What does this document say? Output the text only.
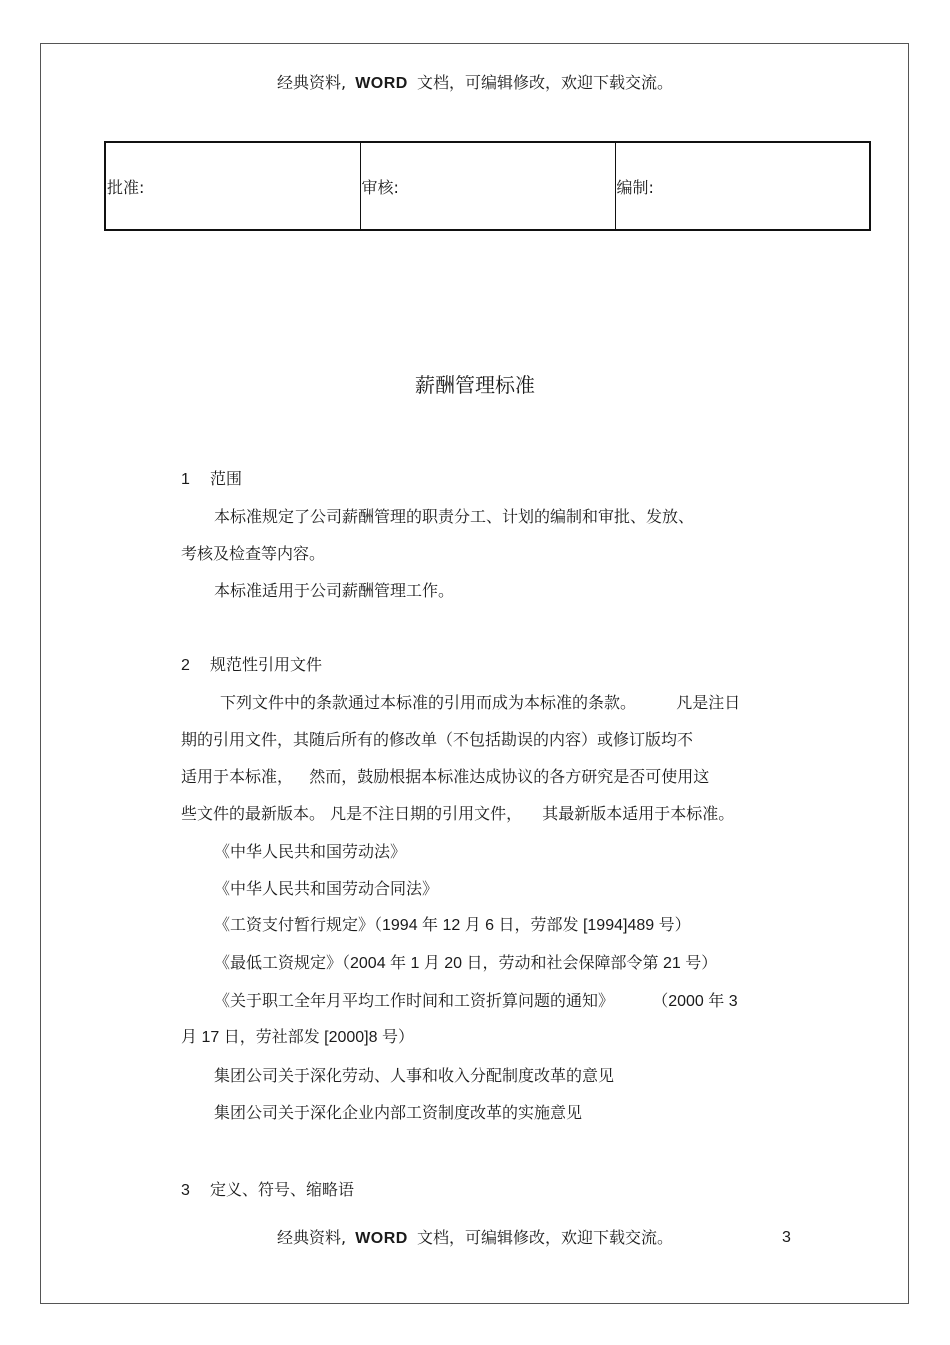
经典资料, WORD 文档，可编辑修改，欢迎下载交流。
批准:	审核:	编制:
薪酬管理标准
1 范围
本标准规定了公司薪酬管理的职责分工、计划的编制和审批、发放、
考核及检查等内容。
本标准适用于公司薪酬管理工作。
2 规范性引用文件
下列文件中的条款通过本标准的引用而成为本标准的条款。	凡是注日
期的引用文件，其随后所有的修改单（不包括勘误的内容）或修订版均不
适用于本标准， 然而，鼓励根据本标准达成协议的各方研究是否可使用这
些文件的最新版本。 凡是不注日期的引用文件， 其最新版本适用于本标准。
《中华人民共和国劳动法》
《中华人民共和国劳动合同法》
《工资支付暂行规定》（1994 年 12 月 6 日，劳部发 [1994]489 号）
《最低工资规定》（2004 年 1 月 20 日，劳动和社会保障部令第 21 号）
《关于职工全年月平均工作时间和工资折算问题的通知》 （2000 年 3
月 17 日，劳社部发 [2000]8 号）
集团公司关于深化劳动、人事和收入分配制度改革的意见
集团公司关于深化企业内部工资制度改革的实施意见
3 定义、符号、缩略语
经典资料, WORD 文档，可编辑修改，欢迎下载交流。	3
